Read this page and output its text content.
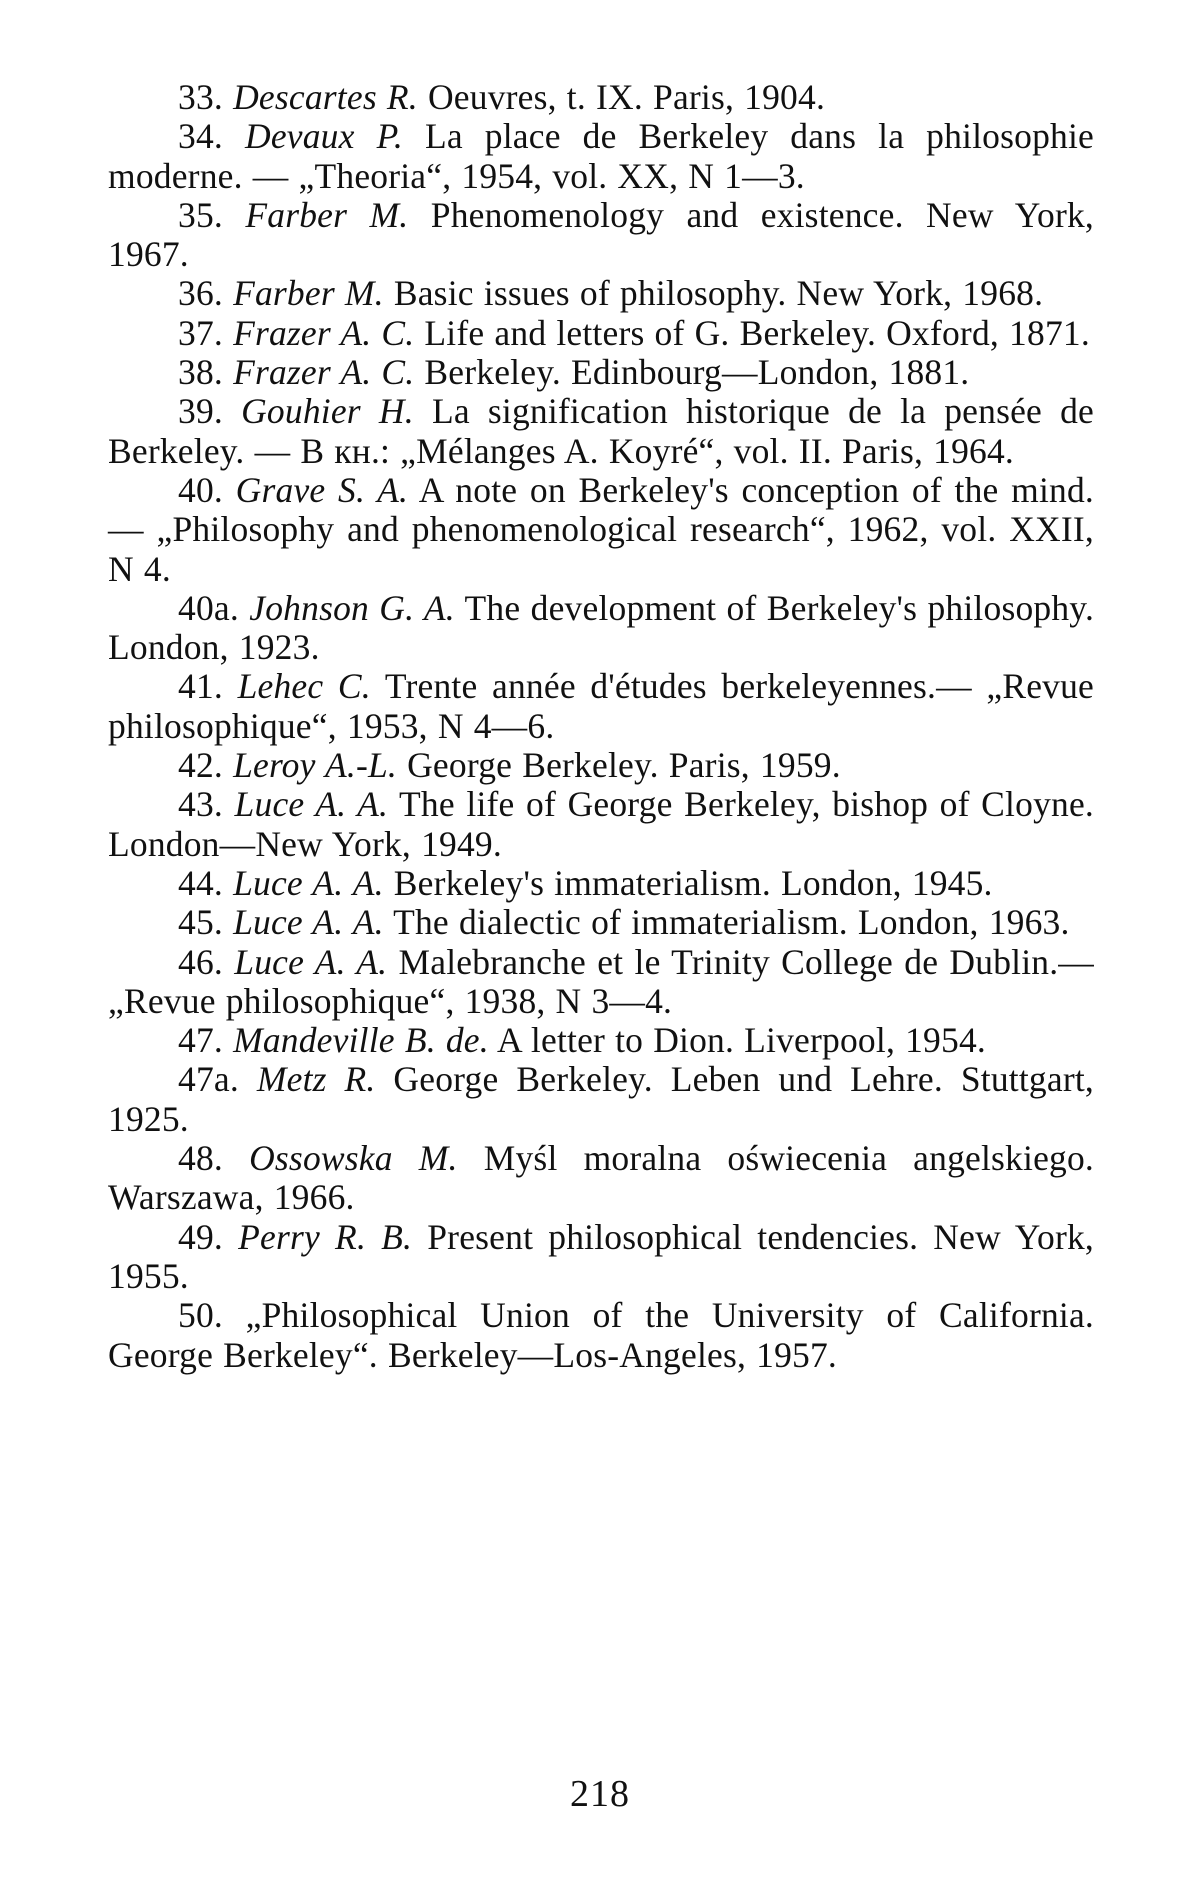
33. Descartes R. Oeuvres, t. IX. Paris, 1904.
34. Devaux P. La place de Berkeley dans la philosophie moderne. — „Theoria“, 1954, vol. XX, N 1—3.
35. Farber M. Phenomenology and existence. New York, 1967.
36. Farber M. Basic issues of philosophy. New York, 1968.
37. Frazer A. C. Life and letters of G. Berkeley. Oxford, 1871.
38. Frazer A. C. Berkeley. Edinbourg—London, 1881.
39. Gouhier H. La signification historique de la pensée de Berkeley. — В кн.: „Mélanges A. Koyré“, vol. II. Paris, 1964.
40. Grave S. A. A note on Berkeley's conception of the mind.— „Philosophy and phenomenological research“, 1962, vol. XXII, N 4.
40a. Johnson G. A. The development of Berkeley's philosophy. London, 1923.
41. Lehec C. Trente année d'études berkeleyennes.— „Revue philosophique“, 1953, N 4—6.
42. Leroy A.-L. George Berkeley. Paris, 1959.
43. Luce A. A. The life of George Berkeley, bishop of Cloyne. London—New York, 1949.
44. Luce A. A. Berkeley's immaterialism. London, 1945.
45. Luce A. A. The dialectic of immaterialism. London, 1963.
46. Luce A. A. Malebranche et le Trinity College de Dublin.— „Revue philosophique“, 1938, N 3—4.
47. Mandeville B. de. A letter to Dion. Liverpool, 1954.
47a. Metz R. George Berkeley. Leben und Lehre. Stuttgart, 1925.
48. Ossowska M. Myśl moralna oświecenia angelskiego. Warszawa, 1966.
49. Perry R. B. Present philosophical tendencies. New York, 1955.
50. „Philosophical Union of the University of California. George Berkeley“. Berkeley—Los-Angeles, 1957.
218
